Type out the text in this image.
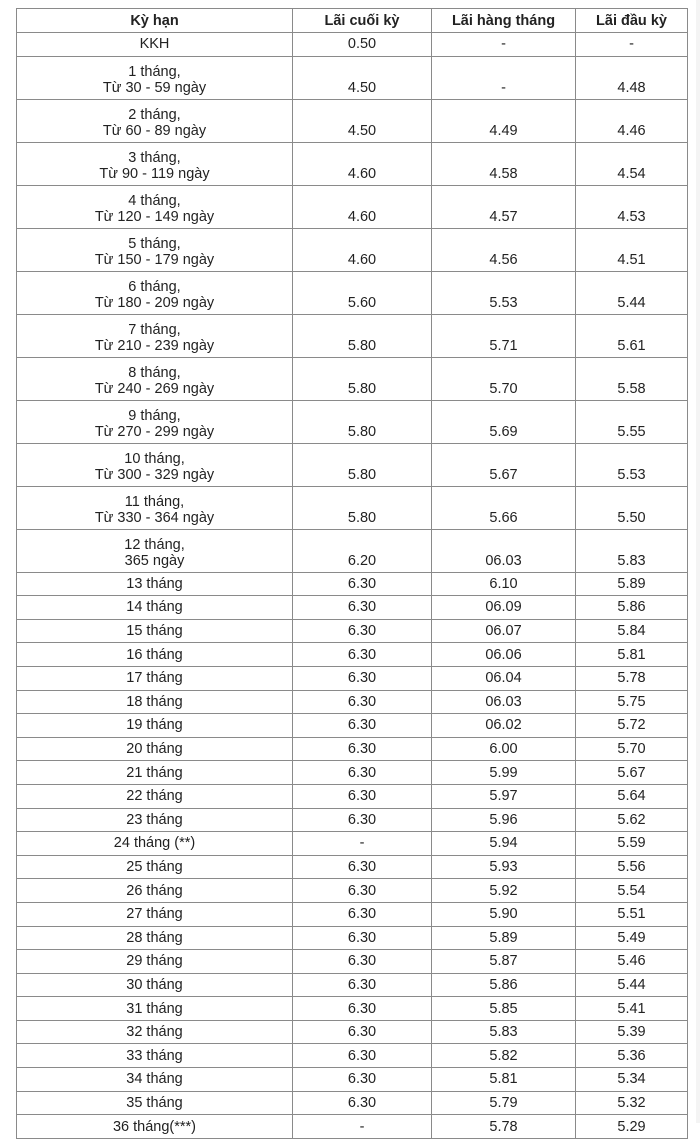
Kỳ hạn	Lãi cuối kỳ	Lãi hàng tháng	Lãi đầu kỳ

KKH	0.50	-	-

1 tháng,
Từ 30 - 59 ngày	4.50	-	4.48

2 tháng,
Từ 60 - 89 ngày	4.50	4.49	4.46

3 tháng,
Từ 90 - 119 ngày	4.60	4.58	4.54

4 tháng,
Từ 120 - 149 ngày	4.60	4.57	4.53

5 tháng,
Từ 150 - 179 ngày	4.60	4.56	4.51

6 tháng,
Từ 180 - 209 ngày	5.60	5.53	5.44

7 tháng,
Từ 210 - 239 ngày	5.80	5.71	5.61

8 tháng,
Từ 240 - 269 ngày	5.80	5.70	5.58

9 tháng,
Từ 270 - 299 ngày	5.80	5.69	5.55

10 tháng,
Từ 300 - 329 ngày	5.80	5.67	5.53

11 tháng,
Từ 330 - 364 ngày	5.80	5.66	5.50

12 tháng,
365 ngày	6.20	06.03	5.83

13 tháng	6.30	6.10	5.89

14 tháng	6.30	06.09	5.86

15 tháng	6.30	06.07	5.84

16 tháng	6.30	06.06	5.81

17 tháng	6.30	06.04	5.78

18 tháng	6.30	06.03	5.75

19 tháng	6.30	06.02	5.72

20 tháng	6.30	6.00	5.70

21 tháng	6.30	5.99	5.67

22 tháng	6.30	5.97	5.64

23 tháng	6.30	5.96	5.62

24 tháng (**)	-	5.94	5.59

25 tháng	6.30	5.93	5.56

26 tháng	6.30	5.92	5.54

27 tháng	6.30	5.90	5.51

28 tháng	6.30	5.89	5.49

29 tháng	6.30	5.87	5.46

30 tháng	6.30	5.86	5.44

31 tháng	6.30	5.85	5.41

32 tháng	6.30	5.83	5.39

33 tháng	6.30	5.82	5.36

34 tháng	6.30	5.81	5.34

35 tháng	6.30	5.79	5.32

36 tháng(***)	-	5.78	5.29
